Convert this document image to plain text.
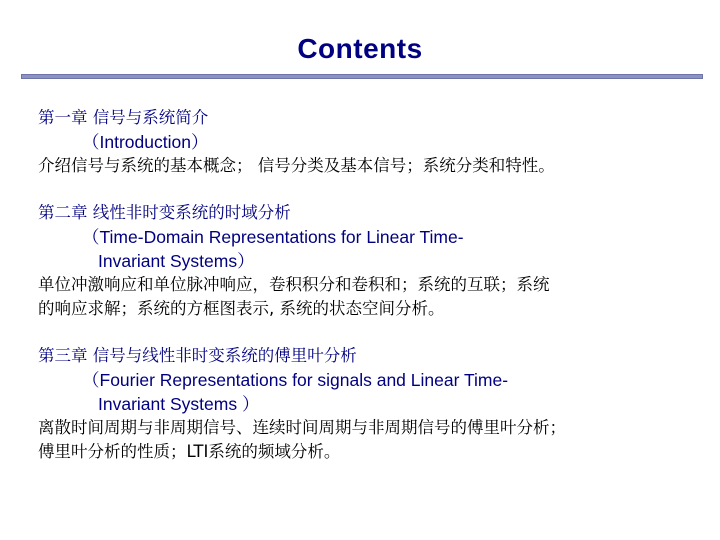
Contents
第一章 信号与系统简介
（Introduction）
介绍信号与系统的基本概念； 信号分类及基本信号；系统分类和特性。
第二章 线性非时变系统的时域分析
（Time-Domain Representations for Linear Time-
Invariant Systems）
单位冲激响应和单位脉冲响应，卷积积分和卷积和；系统的互联；系统
的响应求解；系统的方框图表示, 系统的状态空间分析。
第三章 信号与线性非时变系统的傅里叶分析
（Fourier Representations for signals and Linear Time-
Invariant Systems ）
离散时间周期与非周期信号、连续时间周期与非周期信号的傅里叶分析；
傅里叶分析的性质；LTI系统的频域分析。
